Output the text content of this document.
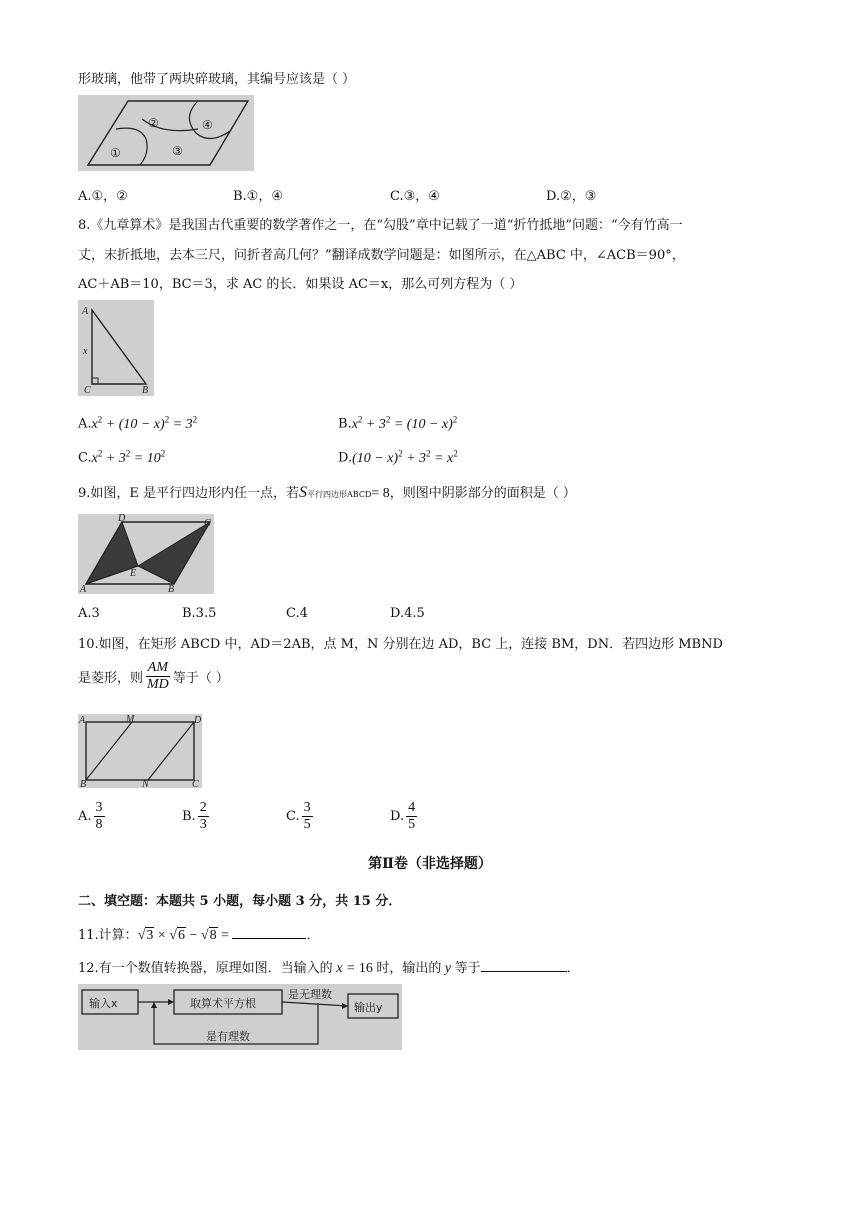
形玻璃，他带了两块碎玻璃，其编号应该是（ ）
①
②
③
④
A.①，②	B.①，④	C.③，④	D.②，③
8.《九章算术》是我国古代重要的数学著作之一，在“勾股”章中记载了一道“折竹抵地”问题：“今有竹高一
丈，末折抵地，去本三尺，问折者高几何？”翻译成数学问题是：如图所示，在△ABC 中，∠ACB＝90°，
AC＋AB＝10，BC＝3，求 AC 的长．如果设 AC＝x，那么可列方程为（ ）
A
x
C	B
$A.x^2 + (10 - x)^2 = 3^2$	$B.x^2 + 3^2 = (10 - x)^2$
$C.x^2 + 3^2 = 10^2$	$D.(10 - x)^2 + 3^2 = x^2$
9.如图，E 是平行四边形内任一点，若S平行四边形ABCD= 8，则图中阴影部分的面积是（ ）
D	C
A
E
B
A.3	B.3.5	C.4	D.4.5
10.如图，在矩形 ABCD 中，AD＝2AB，点 M，N 分别在边 AD，BC 上，连接 BM，DN．若四边形 MBND
是菱形，则 $\frac{AM}{MD}$ 等于（ ）
A	M	D
B	N	C
A. $\frac{3}{8}$	B. $\frac{2}{3}$	C. $\frac{3}{5}$	D. $\frac{4}{5}$
第Ⅱ卷（非选择题）
二、填空题：本题共 5 小题，每小题 3 分，共 15 分．
11.计算：√3 × √6 − √8 =	．
12.有一个数值转换器，原理如图．当输入的 x = 16 时，输出的 y 等于	．
输入x	取算术平方根
是无理数
输出y
是有理数
